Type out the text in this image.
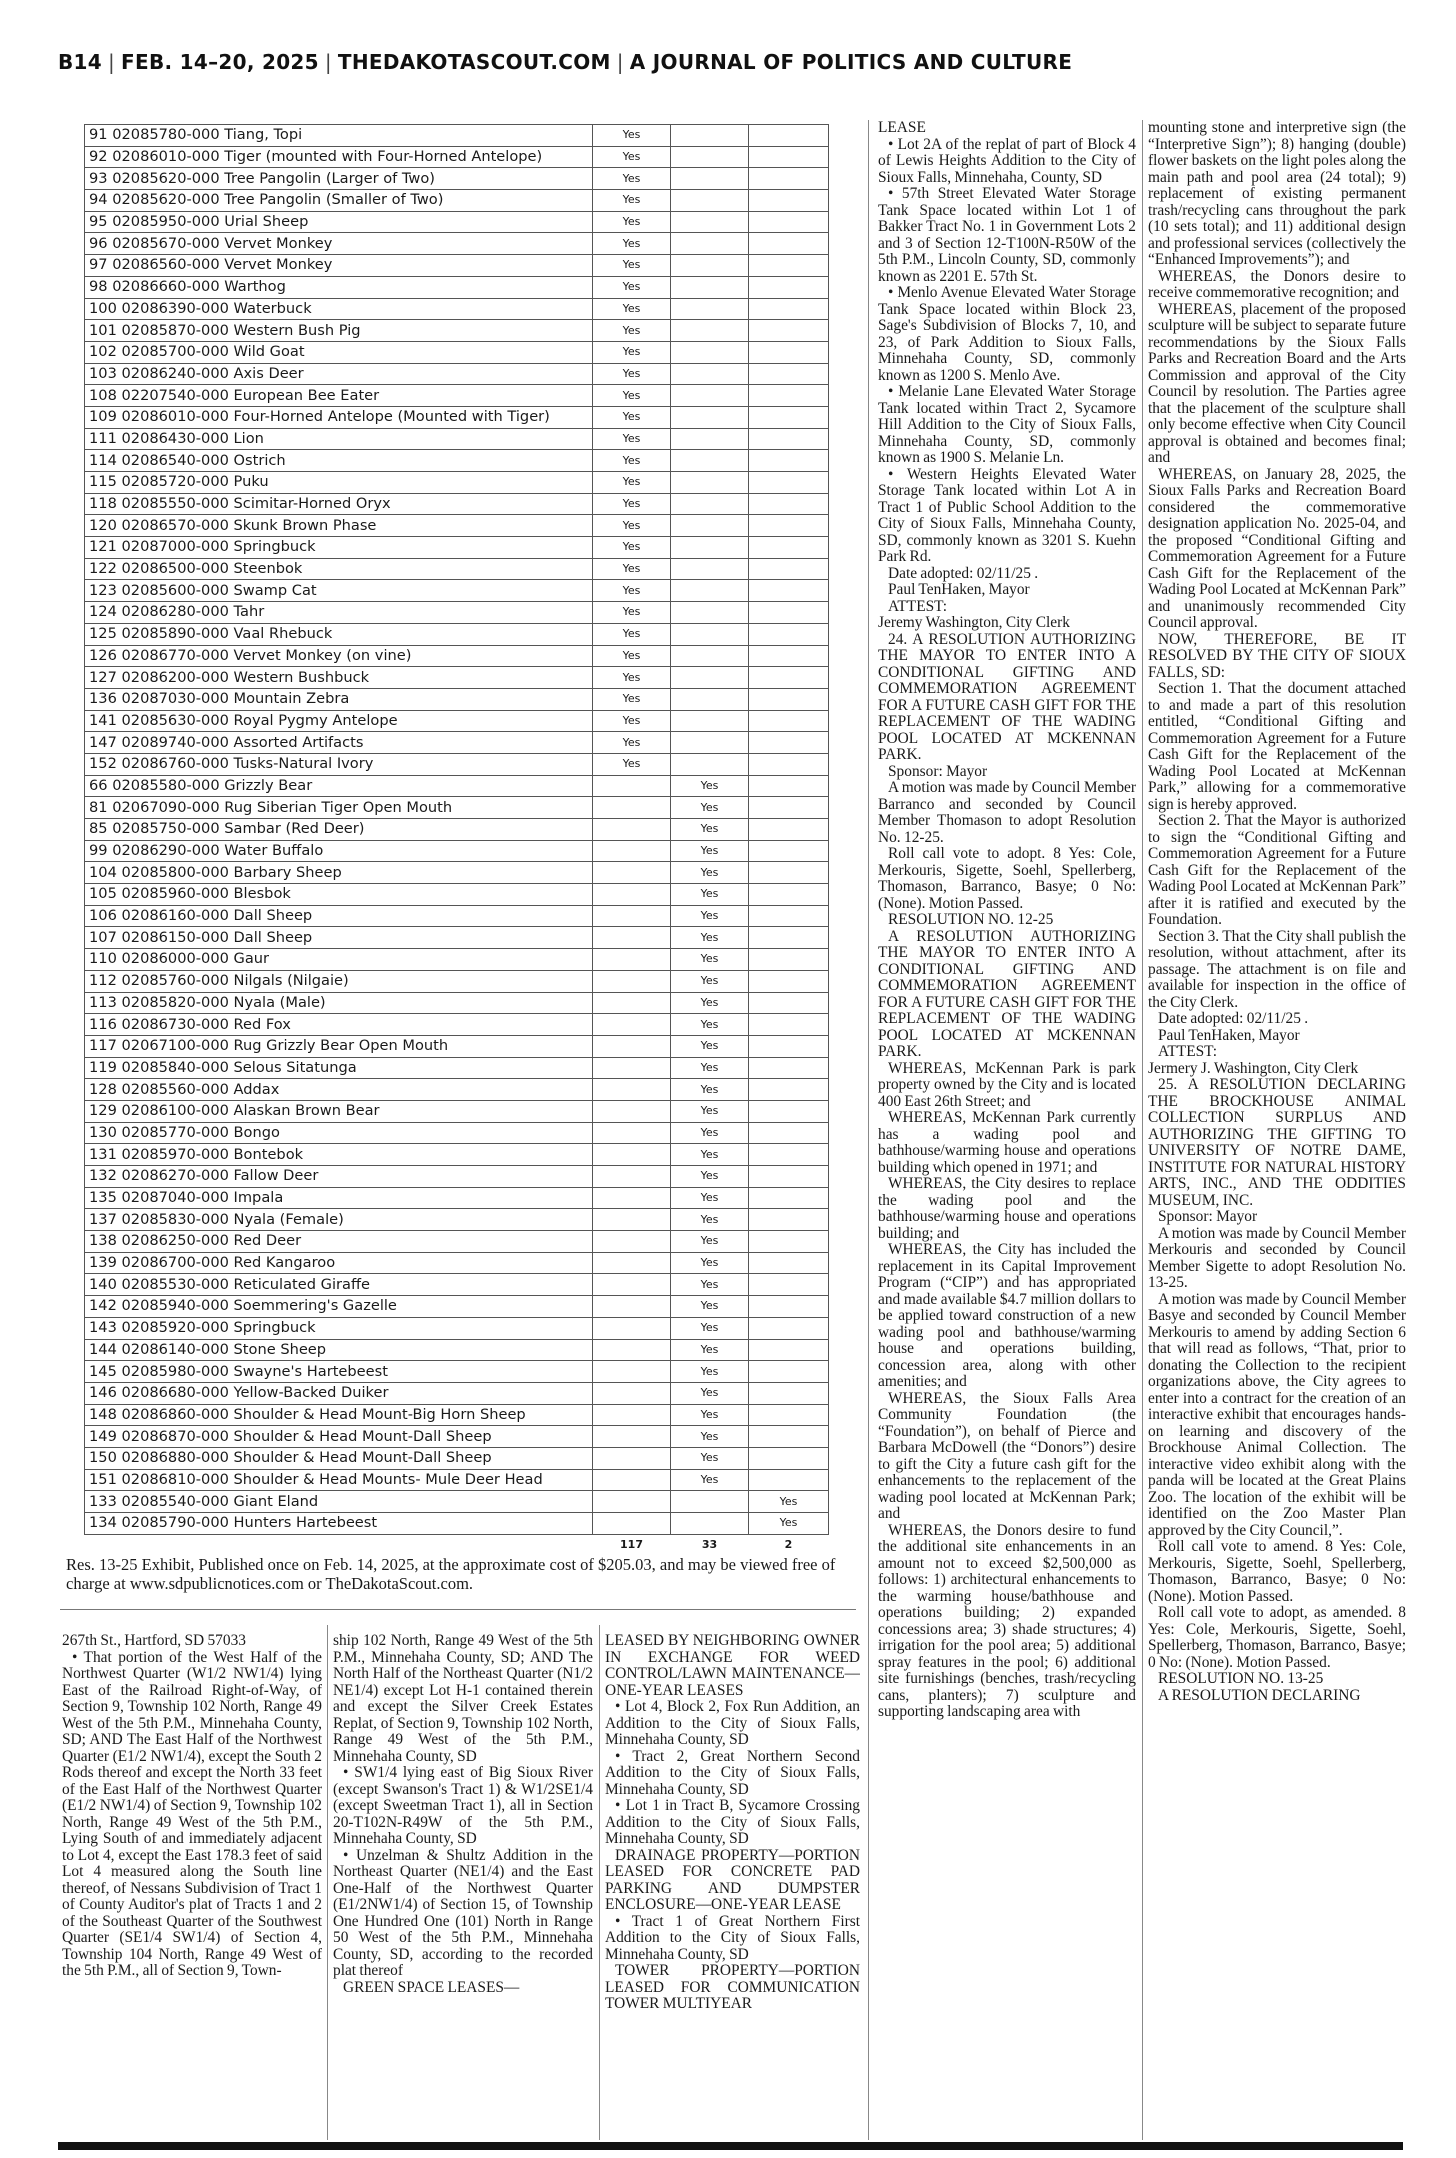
B14 | FEB. 14–20, 2025 | THEDAKOTASCOUT.COM | A JOURNAL OF POLITICS AND CULTURE
91 02085780-000 Tiang, Topi	Yes		
92 02086010-000 Tiger (mounted with Four-Horned Antelope)	Yes		
93 02085620-000 Tree Pangolin (Larger of Two)	Yes		
94 02085620-000 Tree Pangolin (Smaller of Two)	Yes		
95 02085950-000 Urial Sheep	Yes		
96 02085670-000 Vervet Monkey	Yes		
97 02086560-000 Vervet Monkey	Yes		
98 02086660-000 Warthog	Yes		
100 02086390-000 Waterbuck	Yes		
101 02085870-000 Western Bush Pig	Yes		
102 02085700-000 Wild Goat	Yes		
103 02086240-000 Axis Deer	Yes		
108 02207540-000 European Bee Eater	Yes		
109 02086010-000 Four-Horned Antelope (Mounted with Tiger)	Yes		
111 02086430-000 Lion	Yes		
114 02086540-000 Ostrich	Yes		
115 02085720-000 Puku	Yes		
118 02085550-000 Scimitar-Horned Oryx	Yes		
120 02086570-000 Skunk Brown Phase	Yes		
121 02087000-000 Springbuck	Yes		
122 02086500-000 Steenbok	Yes		
123 02085600-000 Swamp Cat	Yes		
124 02086280-000 Tahr	Yes		
125 02085890-000 Vaal Rhebuck	Yes		
126 02086770-000 Vervet Monkey (on vine)	Yes		
127 02086200-000 Western Bushbuck	Yes		
136 02087030-000 Mountain Zebra	Yes		
141 02085630-000 Royal Pygmy Antelope	Yes		
147 02089740-000 Assorted Artifacts	Yes		
152 02086760-000 Tusks-Natural Ivory	Yes		
66 02085580-000 Grizzly Bear		Yes	
81 02067090-000 Rug Siberian Tiger Open Mouth		Yes	
85 02085750-000 Sambar (Red Deer)		Yes	
99 02086290-000 Water Buffalo		Yes	
104 02085800-000 Barbary Sheep		Yes	
105 02085960-000 Blesbok		Yes	
106 02086160-000 Dall Sheep		Yes	
107 02086150-000 Dall Sheep		Yes	
110 02086000-000 Gaur		Yes	
112 02085760-000 Nilgals (Nilgaie)		Yes	
113 02085820-000 Nyala (Male)		Yes	
116 02086730-000 Red Fox		Yes	
117 02067100-000 Rug Grizzly Bear Open Mouth		Yes	
119 02085840-000 Selous Sitatunga		Yes	
128 02085560-000 Addax		Yes	
129 02086100-000 Alaskan Brown Bear		Yes	
130 02085770-000 Bongo		Yes	
131 02085970-000 Bontebok		Yes	
132 02086270-000 Fallow Deer		Yes	
135 02087040-000 Impala		Yes	
137 02085830-000 Nyala (Female)		Yes	
138 02086250-000 Red Deer		Yes	
139 02086700-000 Red Kangaroo		Yes	
140 02085530-000 Reticulated Giraffe		Yes	
142 02085940-000 Soemmering's Gazelle		Yes	
143 02085920-000 Springbuck		Yes	
144 02086140-000 Stone Sheep		Yes	
145 02085980-000 Swayne's Hartebeest		Yes	
146 02086680-000 Yellow-Backed Duiker		Yes	
148 02086860-000 Shoulder & Head Mount-Big Horn Sheep		Yes	
149 02086870-000 Shoulder & Head Mount-Dall Sheep		Yes	
150 02086880-000 Shoulder & Head Mount-Dall Sheep		Yes	
151 02086810-000 Shoulder & Head Mounts- Mule Deer Head		Yes	
133 02085540-000 Giant Eland			Yes
134 02085790-000 Hunters Hartebeest			Yes
	117	33	2
Res. 13-25 Exhibit, Published once on Feb. 14, 2025, at the approximate cost of $205.03, and may be viewed free of charge at www.sdpublicnotices.com or TheDakotaScout.com.

267th St., Hartford, SD 57033

• That portion of the West Half of the Northwest Quarter (W1/2 NW1/4) lying East of the Railroad Right-of-Way, of Section 9, Township 102 North, Range 49 West of the 5th P.M., Minnehaha County, SD; AND The East Half of the Northwest Quarter (E1/2 NW1/4), except the South 2 Rods thereof and except the North 33 feet of the East Half of the Northwest Quarter (E1/2 NW1/4) of Section 9, Township 102 North, Range 49 West of the 5th P.M., Lying South of and immediately adjacent to Lot 4, except the East 178.3 feet of said Lot 4 measured along the South line thereof, of Nessans Subdivision of Tract 1 of County Auditor's plat of Tracts 1 and 2 of the Southeast Quarter of the Southwest Quarter (SE1/4 SW1/4) of Section 4, Township 104 North, Range 49 West of the 5th P.M., all of Section 9, Town-

ship 102 North, Range 49 West of the 5th P.M., Minnehaha County, SD; AND The North Half of the Northeast Quarter (N1/2 NE1/4) except Lot H-1 contained therein and except the Silver Creek Estates Replat, of Section 9, Township 102 North, Range 49 West of the 5th P.M., Minnehaha County, SD

• SW1/4 lying east of Big Sioux River (except Swanson's Tract 1) & W1/2SE1/4 (except Sweetman Tract 1), all in Section 20-T102N-R49W of the 5th P.M., Minnehaha County, SD

• Unzelman & Shultz Addition in the Northeast Quarter (NE1/4) and the East One-Half of the Northwest Quarter (E1/2NW1/4) of Section 15, of Township One Hundred One (101) North in Range 50 West of the 5th P.M., Minnehaha County, SD, according to the recorded plat thereof

GREEN SPACE LEASES—

LEASED BY NEIGHBORING OWNER IN EXCHANGE FOR WEED CONTROL/LAWN MAINTENANCE—ONE-YEAR LEASES

• Lot 4, Block 2, Fox Run Addition, an Addition to the City of Sioux Falls, Minnehaha County, SD

• Tract 2, Great Northern Second Addition to the City of Sioux Falls, Minnehaha County, SD

• Lot 1 in Tract B, Sycamore Crossing Addition to the City of Sioux Falls, Minnehaha County, SD

DRAINAGE PROPERTY—PORTION LEASED FOR CONCRETE PAD PARKING AND DUMPSTER ENCLOSURE—ONE-YEAR LEASE

• Tract 1 of Great Northern First Addition to the City of Sioux Falls, Minnehaha County, SD

TOWER PROPERTY—PORTION LEASED FOR COMMUNICATION TOWER MULTIYEAR

LEASE

• Lot 2A of the replat of part of Block 4 of Lewis Heights Addition to the City of Sioux Falls, Minnehaha, County, SD

• 57th Street Elevated Water Storage Tank Space located within Lot 1 of Bakker Tract No. 1 in Government Lots 2 and 3 of Section 12-T100N-R50W of the 5th P.M., Lincoln County, SD, commonly known as 2201 E. 57th St.

• Menlo Avenue Elevated Water Storage Tank Space located within Block 23, Sage's Subdivision of Blocks 7, 10, and 23, of Park Addition to Sioux Falls, Minnehaha County, SD, commonly known as 1200 S. Menlo Ave.

• Melanie Lane Elevated Water Storage Tank located within Tract 2, Sycamore Hill Addition to the City of Sioux Falls, Minnehaha County, SD, commonly known as 1900 S. Melanie Ln.

• Western Heights Elevated Water Storage Tank located within Lot A in Tract 1 of Public School Addition to the City of Sioux Falls, Minnehaha County, SD, commonly known as 3201 S. Kuehn Park Rd.

Date adopted: 02/11/25 .

Paul TenHaken, Mayor

ATTEST:

Jeremy Washington, City Clerk

24. A RESOLUTION AUTHORIZING THE MAYOR TO ENTER INTO A CONDITIONAL GIFTING AND COMMEMORATION AGREEMENT FOR A FUTURE CASH GIFT FOR THE REPLACEMENT OF THE WADING POOL LOCATED AT MCKENNAN PARK.

Sponsor: Mayor

A motion was made by Council Member Barranco and seconded by Council Member Thomason to adopt Resolution No. 12-25.

Roll call vote to adopt. 8 Yes: Cole, Merkouris, Sigette, Soehl, Spellerberg, Thomason, Barranco, Basye; 0 No: (None). Motion Passed.

RESOLUTION NO. 12-25

A RESOLUTION AUTHORIZING THE MAYOR TO ENTER INTO A CONDITIONAL GIFTING AND COMMEMORATION AGREEMENT FOR A FUTURE CASH GIFT FOR THE REPLACEMENT OF THE WADING POOL LOCATED AT MCKENNAN PARK.

WHEREAS, McKennan Park is park property owned by the City and is located 400 East 26th Street; and

WHEREAS, McKennan Park currently has a wading pool and bathhouse/warming house and operations building which opened in 1971; and

WHEREAS, the City desires to replace the wading pool and the bathhouse/warming house and operations building; and

WHEREAS, the City has included the replacement in its Capital Improvement Program (“CIP”) and has appropriated and made available $4.7 million dollars to be applied toward construction of a new wading pool and bathhouse/warming house and operations building, concession area, along with other amenities; and

WHEREAS, the Sioux Falls Area Community Foundation (the “Foundation”), on behalf of Pierce and Barbara McDowell (the “Donors”) desire to gift the City a future cash gift for the enhancements to the replacement of the wading pool located at McKennan Park; and

WHEREAS, the Donors desire to fund the additional site enhancements in an amount not to exceed $2,500,000 as follows: 1) architectural enhancements to the warming house/bathhouse and operations building; 2) expanded concessions area; 3) shade structures; 4) irrigation for the pool area; 5) additional spray features in the pool; 6) additional site furnishings (benches, trash/recycling cans, planters); 7) sculpture and supporting landscaping area with

mounting stone and interpretive sign (the “Interpretive Sign”); 8) hanging (double) flower baskets on the light poles along the main path and pool area (24 total); 9) replacement of existing permanent trash/recycling cans throughout the park (10 sets total); and 11) additional design and professional services (collectively the “Enhanced Improvements”); and

WHEREAS, the Donors desire to receive commemorative recognition; and

WHEREAS, placement of the proposed sculpture will be subject to separate future recommendations by the Sioux Falls Parks and Recreation Board and the Arts Commission and approval of the City Council by resolution. The Parties agree that the placement of the sculpture shall only become effective when City Council approval is obtained and becomes final; and

WHEREAS, on January 28, 2025, the Sioux Falls Parks and Recreation Board considered the commemorative designation application No. 2025-04, and the proposed “Conditional Gifting and Commemoration Agreement for a Future Cash Gift for the Replacement of the Wading Pool Located at McKennan Park” and unanimously recommended City Council approval.

NOW, THEREFORE, BE IT RESOLVED BY THE CITY OF SIOUX FALLS, SD:

Section 1. That the document attached to and made a part of this resolution entitled, “Conditional Gifting and Commemoration Agreement for a Future Cash Gift for the Replacement of the Wading Pool Located at McKennan Park,” allowing for a commemorative sign is hereby approved.

Section 2. That the Mayor is authorized to sign the “Conditional Gifting and Commemoration Agreement for a Future Cash Gift for the Replacement of the Wading Pool Located at McKennan Park” after it is ratified and executed by the Foundation.

Section 3. That the City shall publish the resolution, without attachment, after its passage. The attachment is on file and available for inspection in the office of the City Clerk.

Date adopted: 02/11/25 .

Paul TenHaken, Mayor

ATTEST:

Jermery J. Washington, City Clerk

25. A RESOLUTION DECLARING THE BROCKHOUSE ANIMAL COLLECTION SURPLUS AND AUTHORIZING THE GIFTING TO UNIVERSITY OF NOTRE DAME, INSTITUTE FOR NATURAL HISTORY ARTS, INC., AND THE ODDITIES MUSEUM, INC.

Sponsor: Mayor

A motion was made by Council Member Merkouris and seconded by Council Member Sigette to adopt Resolution No. 13-25.

A motion was made by Council Member Basye and seconded by Council Member Merkouris to amend by adding Section 6 that will read as follows, “That, prior to donating the Collection to the recipient organizations above, the City agrees to enter into a contract for the creation of an interactive exhibit that encourages hands-on learning and discovery of the Brockhouse Animal Collection. The interactive video exhibit along with the panda will be located at the Great Plains Zoo. The location of the exhibit will be identified on the Zoo Master Plan approved by the City Council,”.

Roll call vote to amend. 8 Yes: Cole, Merkouris, Sigette, Soehl, Spellerberg, Thomason, Barranco, Basye; 0 No: (None). Motion Passed.

Roll call vote to adopt, as amended. 8 Yes: Cole, Merkouris, Sigette, Soehl, Spellerberg, Thomason, Barranco, Basye; 0 No: (None). Motion Passed.

RESOLUTION NO. 13-25

A RESOLUTION DECLARING
